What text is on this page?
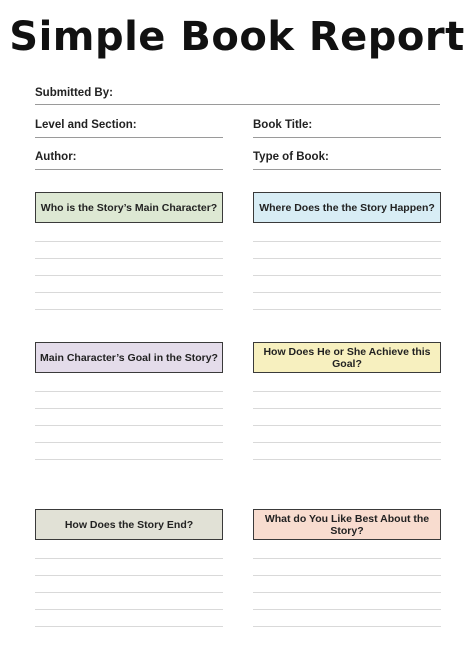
Simple Book Report
Submitted By:
Level and Section:	Book Title:
Author:	Type of Book:
Who is the Story’s Main Character?	Where Does the the Story Happen?
Main Character’s Goal in the Story?	How Does He or She Achieve this Goal?
How Does the Story End?	What do You Like Best About the Story?
